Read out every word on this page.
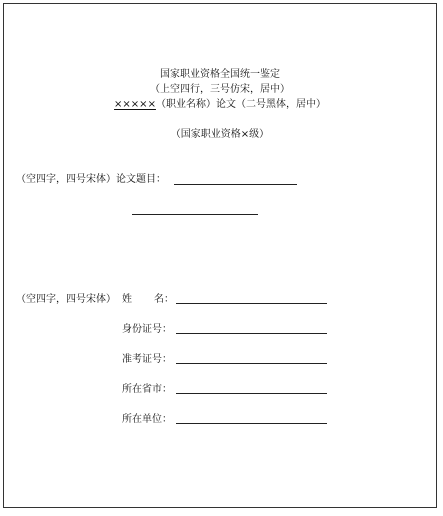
国家职业资格全国统一鉴定
（上空四行，三号仿宋，居中）
×××××（职业名称）论文（二号黑体，居中）
（国家职业资格×级）
（空四字，四号宋体）论文题目：
（空四字，四号宋体） 姓 名：
身份证号：
准考证号：
所在省市：
所在单位：
